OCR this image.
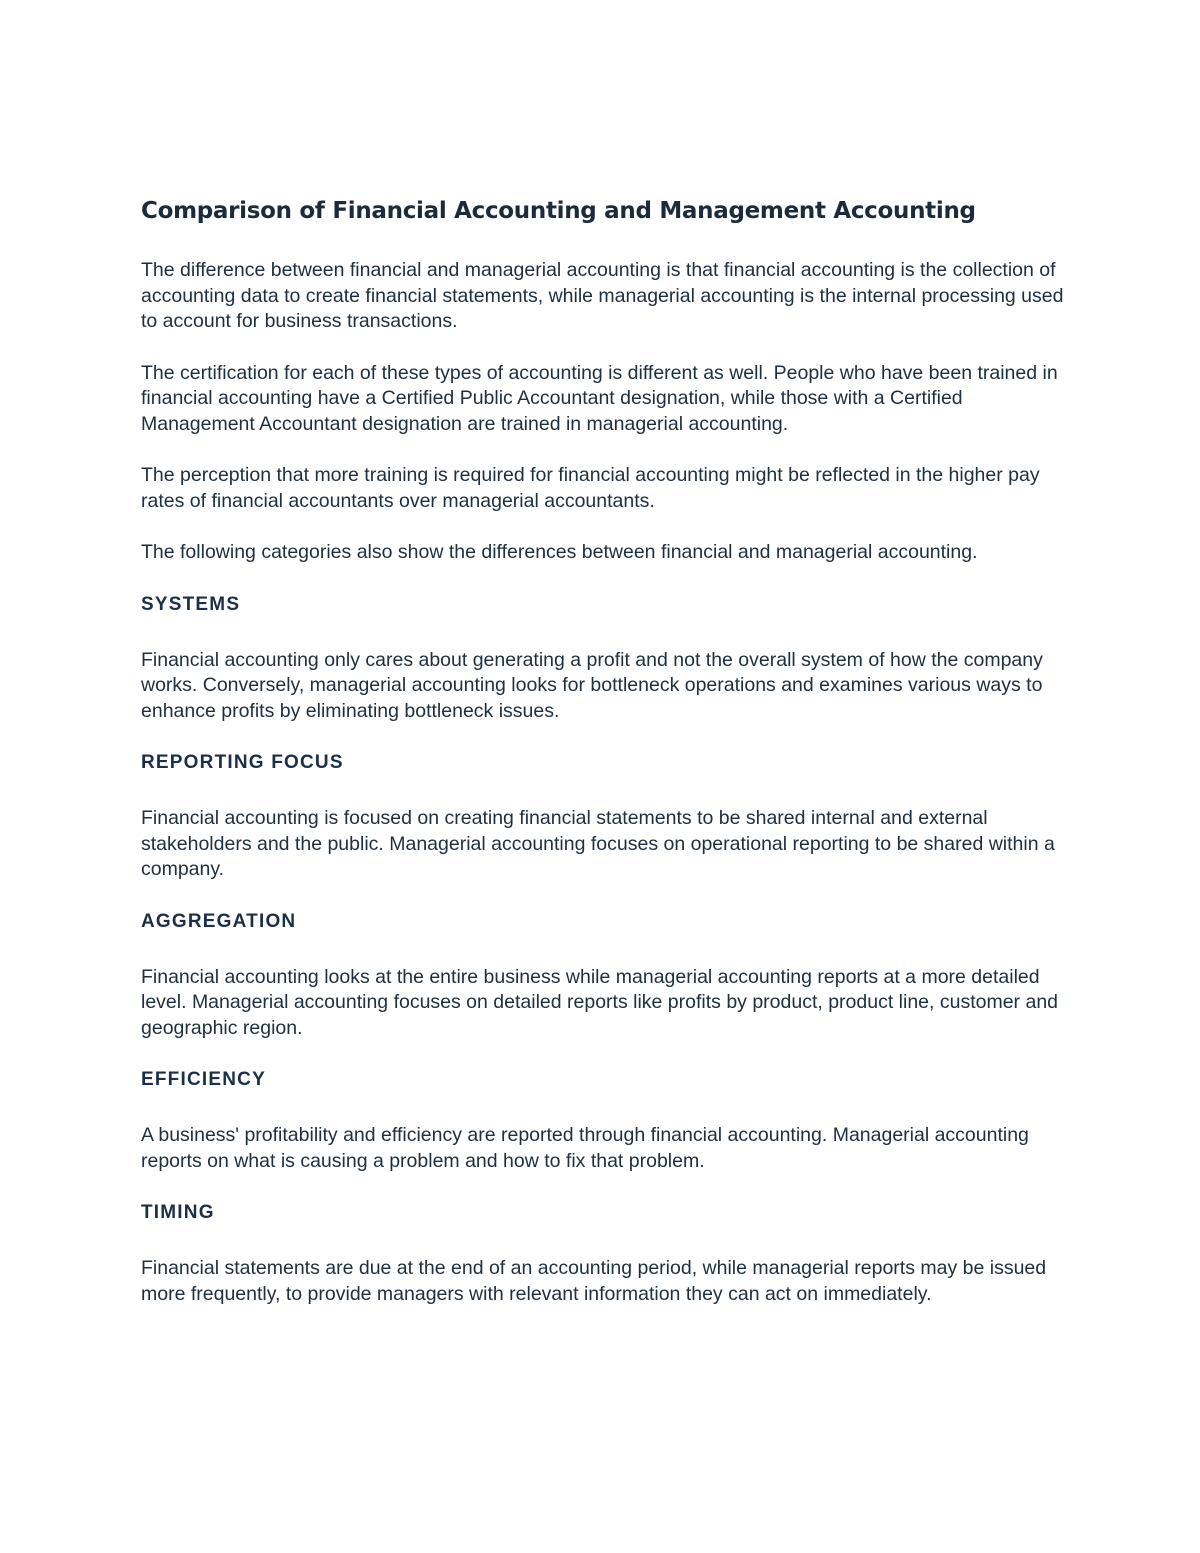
Comparison of Financial Accounting and Management Accounting

The difference between financial and managerial accounting is that financial accounting is the collection of accounting data to create financial statements, while managerial accounting is the internal processing used to account for business transactions.

The certification for each of these types of accounting is different as well. People who have been trained in financial accounting have a Certified Public Accountant designation, while those with a Certified Management Accountant designation are trained in managerial accounting.

The perception that more training is required for financial accounting might be reflected in the higher pay rates of financial accountants over managerial accountants.

The following categories also show the differences between financial and managerial accounting.

SYSTEMS

Financial accounting only cares about generating a profit and not the overall system of how the company works. Conversely, managerial accounting looks for bottleneck operations and examines various ways to enhance profits by eliminating bottleneck issues.

REPORTING FOCUS

Financial accounting is focused on creating financial statements to be shared internal and external stakeholders and the public. Managerial accounting focuses on operational reporting to be shared within a company.

AGGREGATION

Financial accounting looks at the entire business while managerial accounting reports at a more detailed level. Managerial accounting focuses on detailed reports like profits by product, product line, customer and geographic region.

EFFICIENCY

A business' profitability and efficiency are reported through financial accounting. Managerial accounting reports on what is causing a problem and how to fix that problem.

TIMING

Financial statements are due at the end of an accounting period, while managerial reports may be issued more frequently, to provide managers with relevant information they can act on immediately.
